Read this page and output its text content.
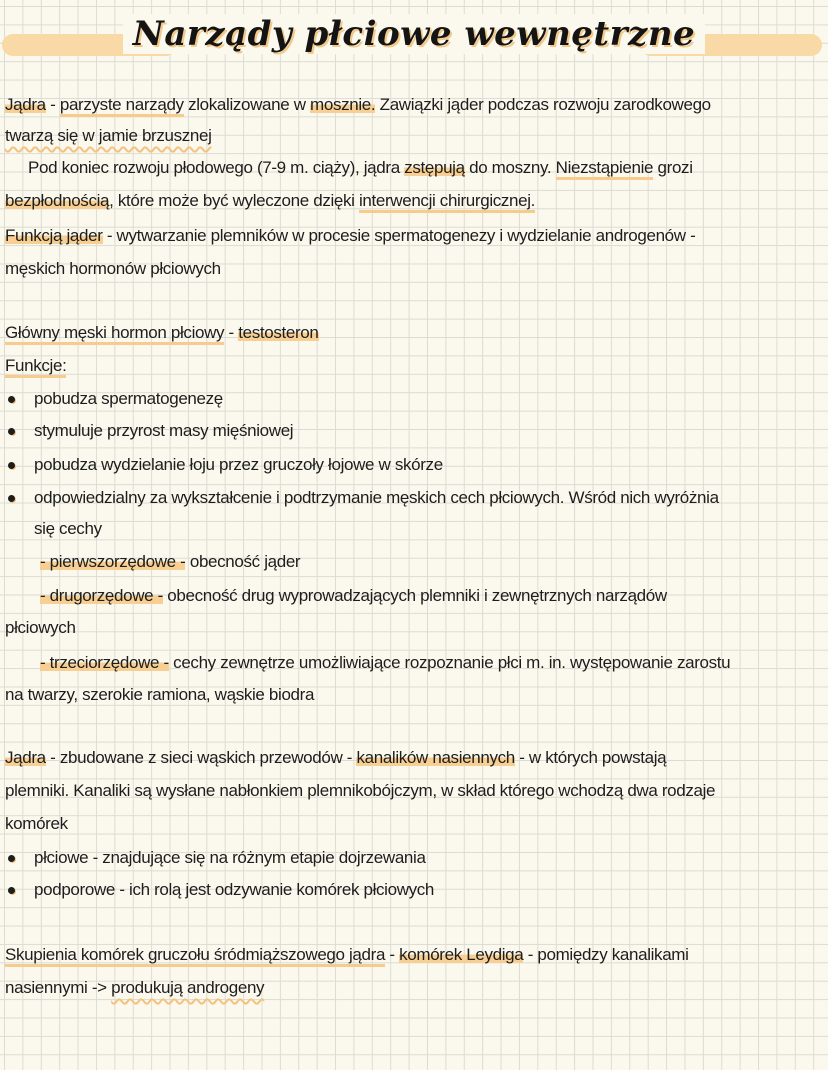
Narządy płciowe wewnętrzne
Jądra - parzyste narządy zlokalizowane w mosznie. Zawiązki jąder podczas rozwoju zarodkowego
twarzą się w jamie brzusznej
Pod koniec rozwoju płodowego (7-9 m. ciąży), jądra zstępują do moszny. Niezstąpienie grozi
bezpłodnością, które może być wyleczone dzięki interwencji chirurgicznej.
Funkcją jąder - wytwarzanie plemników w procesie spermatogenezy i wydzielanie androgenów -
męskich hormonów płciowych
Główny męski hormon płciowy - testosteron
Funkcje:
pobudza spermatogenezę
stymuluje przyrost masy mięśniowej
pobudza wydzielanie łoju przez gruczoły łojowe w skórze
odpowiedzialny za wykształcenie i podtrzymanie męskich cech płciowych. Wśród nich wyróżnia
się cechy
- pierwszorzędowe - obecność jąder
- drugorzędowe - obecność drug wyprowadzających plemniki i zewnętrznych narządów
płciowych
- trzeciorzędowe - cechy zewnętrze umożliwiające rozpoznanie płci m. in. występowanie zarostu
na twarzy, szerokie ramiona, wąskie biodra
Jądra - zbudowane z sieci wąskich przewodów - kanalików nasiennych - w których powstają
plemniki. Kanaliki są wysłane nabłonkiem plemnikobójczym, w skład którego wchodzą dwa rodzaje
komórek
płciowe - znajdujące się na różnym etapie dojrzewania
podporowe - ich rolą jest odzywanie komórek płciowych
Skupienia komórek gruczołu śródmiąższowego jądra - komórek Leydiga - pomiędzy kanalikami
nasiennymi -> produkują androgeny
